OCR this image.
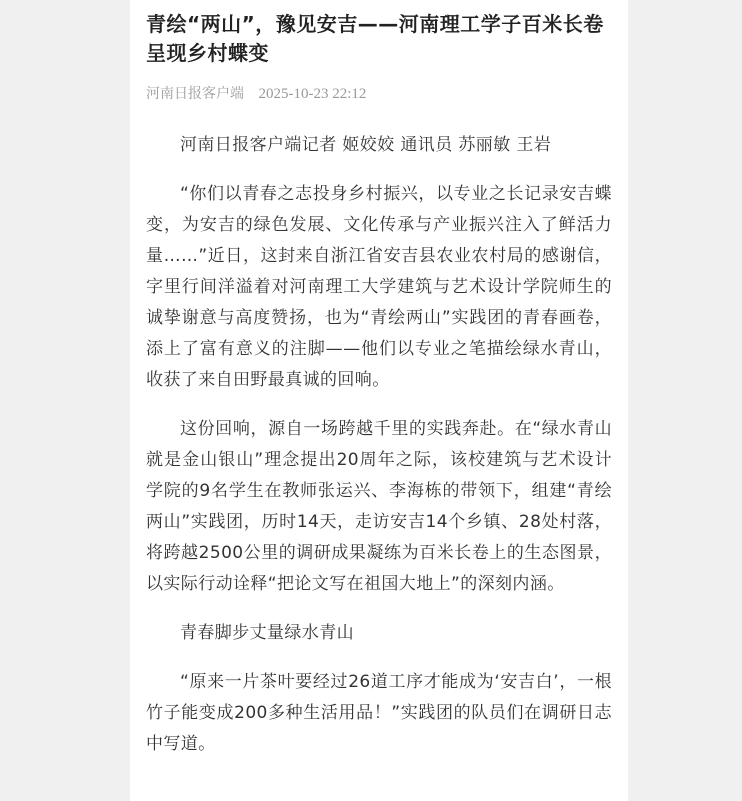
青绘“两山”，豫见安吉——河南理工学子百米长卷呈现乡村蝶变
河南日报客户端 2025-10-23 22:12

河南日报客户端记者 姬姣姣 通讯员 苏丽敏 王岩

“你们以青春之志投身乡村振兴，以专业之长记录安吉蝶变，为安吉的绿色发展、文化传承与产业振兴注入了鲜活力量……”近日，这封来自浙江省安吉县农业农村局的感谢信，字里行间洋溢着对河南理工大学建筑与艺术设计学院师生的诚挚谢意与高度赞扬，也为“青绘两山”实践团的青春画卷，添上了富有意义的注脚——他们以专业之笔描绘绿水青山，收获了来自田野最真诚的回响。

这份回响，源自一场跨越千里的实践奔赴。在“绿水青山就是金山银山”理念提出20周年之际，该校建筑与艺术设计学院的9名学生在教师张运兴、李海栋的带领下，组建“青绘两山”实践团，历时14天，走访安吉14个乡镇、28处村落，将跨越2500公里的调研成果凝练为百米长卷上的生态图景，以实际行动诠释“把论文写在祖国大地上”的深刻内涵。

青春脚步丈量绿水青山

“原来一片茶叶要经过26道工序才能成为‘安吉白’，一根竹子能变成200多种生活用品！”实践团的队员们在调研日志中写道。
